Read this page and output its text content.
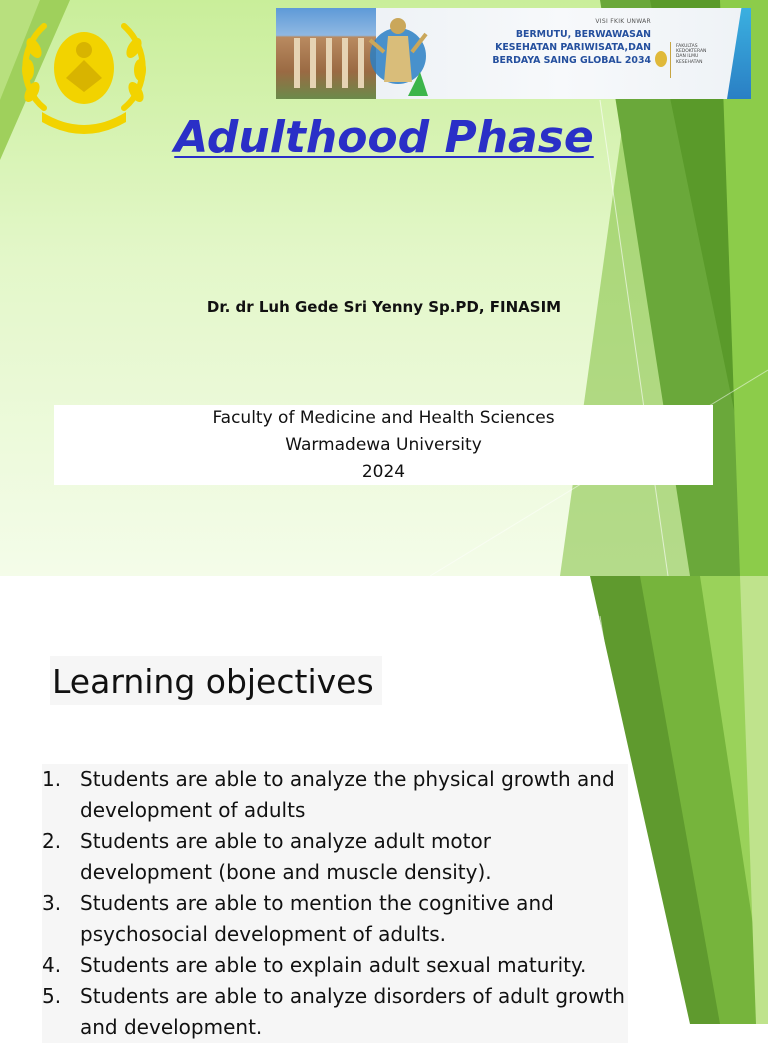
VISI FKIK UNWAR
BERMUTU, BERWAWASAN
KESEHATAN PARIWISATA,DAN
BERDAYA SAING GLOBAL 2034
FAKULTAS
KEDOKTERAN
DAN ILMU
KESEHATAN
Adulthood Phase
Dr. dr Luh Gede Sri Yenny Sp.PD, FINASIM
Faculty of Medicine and Health Sciences
Warmadewa University
2024
Learning objectives
1. Students are able to analyze the physical growth and development of adults
2. Students are able to analyze adult motor development (bone and muscle density).
3. Students are able to mention the cognitive and psychosocial development of adults.
4. Students are able to explain adult sexual maturity.
5. Students are able to analyze disorders of adult growth and development.
